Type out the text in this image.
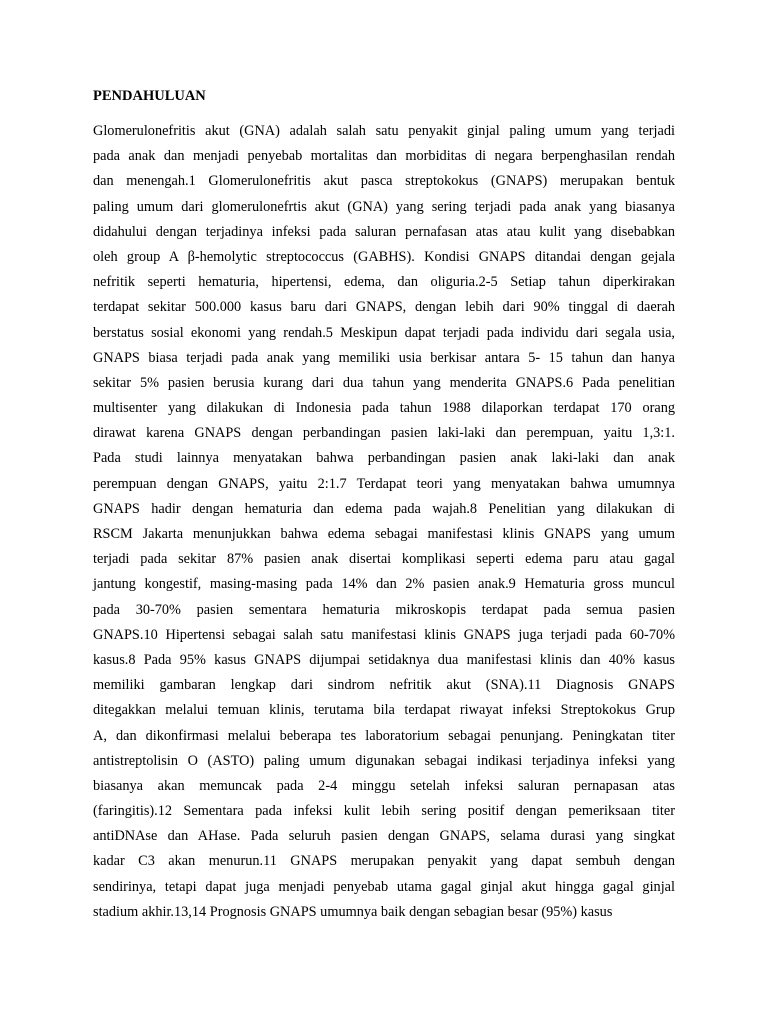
PENDAHULUAN
Glomerulonefritis akut (GNA) adalah salah satu penyakit ginjal paling umum yang terjadi
pada anak dan menjadi penyebab mortalitas dan morbiditas di negara berpenghasilan rendah
dan menengah.1 Glomerulonefritis akut pasca streptokokus (GNAPS) merupakan bentuk
paling umum dari glomerulonefrtis akut (GNA) yang sering terjadi pada anak yang biasanya
didahului dengan terjadinya infeksi pada saluran pernafasan atas atau kulit yang disebabkan
oleh group A β-hemolytic streptococcus (GABHS). Kondisi GNAPS ditandai dengan gejala
nefritik seperti hematuria, hipertensi, edema, dan oliguria.2-5 Setiap tahun diperkirakan
terdapat sekitar 500.000 kasus baru dari GNAPS, dengan lebih dari 90% tinggal di daerah
berstatus sosial ekonomi yang rendah.5 Meskipun dapat terjadi pada individu dari segala usia,
GNAPS biasa terjadi pada anak yang memiliki usia berkisar antara 5- 15 tahun dan hanya
sekitar 5% pasien berusia kurang dari dua tahun yang menderita GNAPS.6 Pada penelitian
multisenter yang dilakukan di Indonesia pada tahun 1988 dilaporkan terdapat 170 orang
dirawat karena GNAPS dengan perbandingan pasien laki-laki dan perempuan, yaitu 1,3:1.
Pada studi lainnya menyatakan bahwa perbandingan pasien anak laki-laki dan anak
perempuan dengan GNAPS, yaitu 2:1.7 Terdapat teori yang menyatakan bahwa umumnya
GNAPS hadir dengan hematuria dan edema pada wajah.8 Penelitian yang dilakukan di
RSCM Jakarta menunjukkan bahwa edema sebagai manifestasi klinis GNAPS yang umum
terjadi pada sekitar 87% pasien anak disertai komplikasi seperti edema paru atau gagal
jantung kongestif, masing-masing pada 14% dan 2% pasien anak.9 Hematuria gross muncul
pada 30-70% pasien sementara hematuria mikroskopis terdapat pada semua pasien
GNAPS.10 Hipertensi sebagai salah satu manifestasi klinis GNAPS juga terjadi pada 60-70%
kasus.8 Pada 95% kasus GNAPS dijumpai setidaknya dua manifestasi klinis dan 40% kasus
memiliki gambaran lengkap dari sindrom nefritik akut (SNA).11 Diagnosis GNAPS
ditegakkan melalui temuan klinis, terutama bila terdapat riwayat infeksi Streptokokus Grup
A, dan dikonfirmasi melalui beberapa tes laboratorium sebagai penunjang. Peningkatan titer
antistreptolisin O (ASTO) paling umum digunakan sebagai indikasi terjadinya infeksi yang
biasanya akan memuncak pada 2-4 minggu setelah infeksi saluran pernapasan atas
(faringitis).12 Sementara pada infeksi kulit lebih sering positif dengan pemeriksaan titer
antiDNAse dan AHase. Pada seluruh pasien dengan GNAPS, selama durasi yang singkat
kadar C3 akan menurun.11 GNAPS merupakan penyakit yang dapat sembuh dengan
sendirinya, tetapi dapat juga menjadi penyebab utama gagal ginjal akut hingga gagal ginjal
stadium akhir.13,14 Prognosis GNAPS umumnya baik dengan sebagian besar (95%) kasus
